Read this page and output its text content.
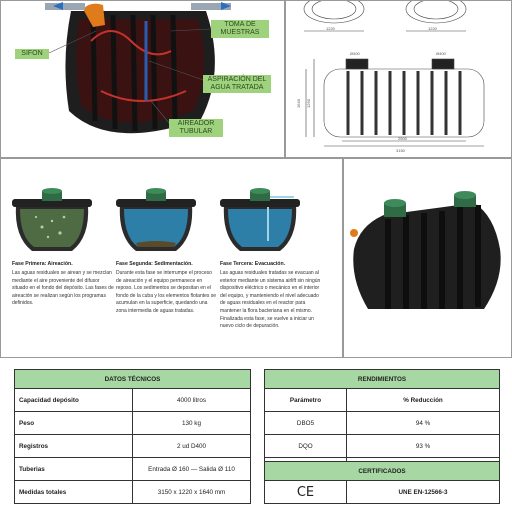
TOMA DE MUESTRAS
SIFON
ASPIRACIÓN DEL AGUA TRATADA
AIREADOR TUBULAR
1220	1220
Ø400	Ø400
1640 1290
2500
3150
Fase Primera: Aireación.
Las aguas residuales se airean y se mezclan mediante el aire proveniente del difusor situado en el fondo del depósito. Las fases de aireación se realizan según los programas definidos.
Fase Segunda: Sedimentación.
Durante esta fase se interrumpe el proceso de aireación y el equipo permanece en reposo. Los sedimentos se depositan en el fondo de la cuba y los elementos flotantes se acumulan en la superficie, quedando una zona intermedia de aguas tratadas.
Fase Tercera: Evacuación.
Las aguas residuales tratadas se evacuan al exterior mediante un sistema airlift sin ningún dispositivo eléctrico o mecánico en el interior del equipo, y manteniendo el nivel adecuado de aguas residuales en el reactor para mantener la flora bacteriana en el mismo. Finalizada esta fase, se vuelve a iniciar un nuevo ciclo de depuración.
DATOS TÉCNICOS	
Capacidad depósito	4000 litros
Peso	130 kg
Registros	2 ud D400
Tuberias	Entrada Ø 160 — Salida Ø 110
Medidas totales	3150 x 1220 x 1640 mm
RENDIMIENTOS	
Parámetro	% Reducción
DBO5	94 %
DQO	93 %

CERTIFICADOS
CE	UNE EN-12566-3
